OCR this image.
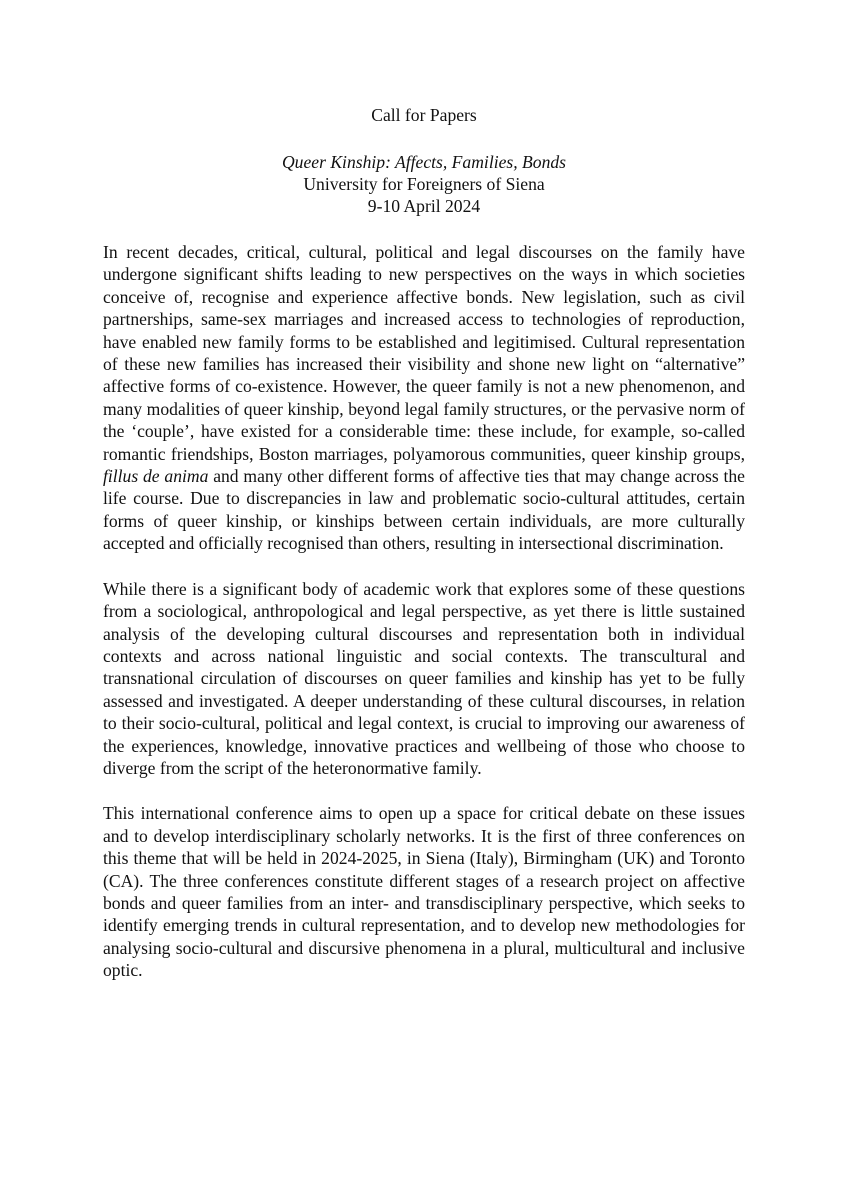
Call for Papers
Queer Kinship: Affects, Families, Bonds
University for Foreigners of Siena
9-10 April 2024

In recent decades, critical, cultural, political and legal discourses on the family have undergone significant shifts leading to new perspectives on the ways in which societies conceive of, recognise and experience affective bonds. New legislation, such as civil partnerships, same-sex marriages and increased access to technologies of reproduction, have enabled new family forms to be established and legitimised. Cultural representation of these new families has increased their visibility and shone new light on “alternative” affective forms of co-existence. However, the queer family is not a new phenomenon, and many modalities of queer kinship, beyond legal family structures, or the pervasive norm of the ‘couple’, have existed for a considerable time: these include, for example, so-called romantic friendships, Boston marriages, polyamorous communities, queer kinship groups, fillus de anima and many other different forms of affective ties that may change across the life course. Due to discrepancies in law and problematic socio-cultural attitudes, certain forms of queer kinship, or kinships between certain individuals, are more culturally accepted and officially recognised than others, resulting in intersectional discrimination.

While there is a significant body of academic work that explores some of these questions from a sociological, anthropological and legal perspective, as yet there is little sustained analysis of the developing cultural discourses and representation both in individual contexts and across national linguistic and social contexts. The transcultural and transnational circulation of discourses on queer families and kinship has yet to be fully assessed and investigated. A deeper understanding of these cultural discourses, in relation to their socio-cultural, political and legal context, is crucial to improving our awareness of the experiences, knowledge, innovative practices and wellbeing of those who choose to diverge from the script of the heteronormative family.

This international conference aims to open up a space for critical debate on these issues and to develop interdisciplinary scholarly networks. It is the first of three conferences on this theme that will be held in 2024-2025, in Siena (Italy), Birmingham (UK) and Toronto (CA). The three conferences constitute different stages of a research project on affective bonds and queer families from an inter- and transdisciplinary perspective, which seeks to identify emerging trends in cultural representation, and to develop new methodologies for analysing socio-cultural and discursive phenomena in a plural, multicultural and inclusive optic.
